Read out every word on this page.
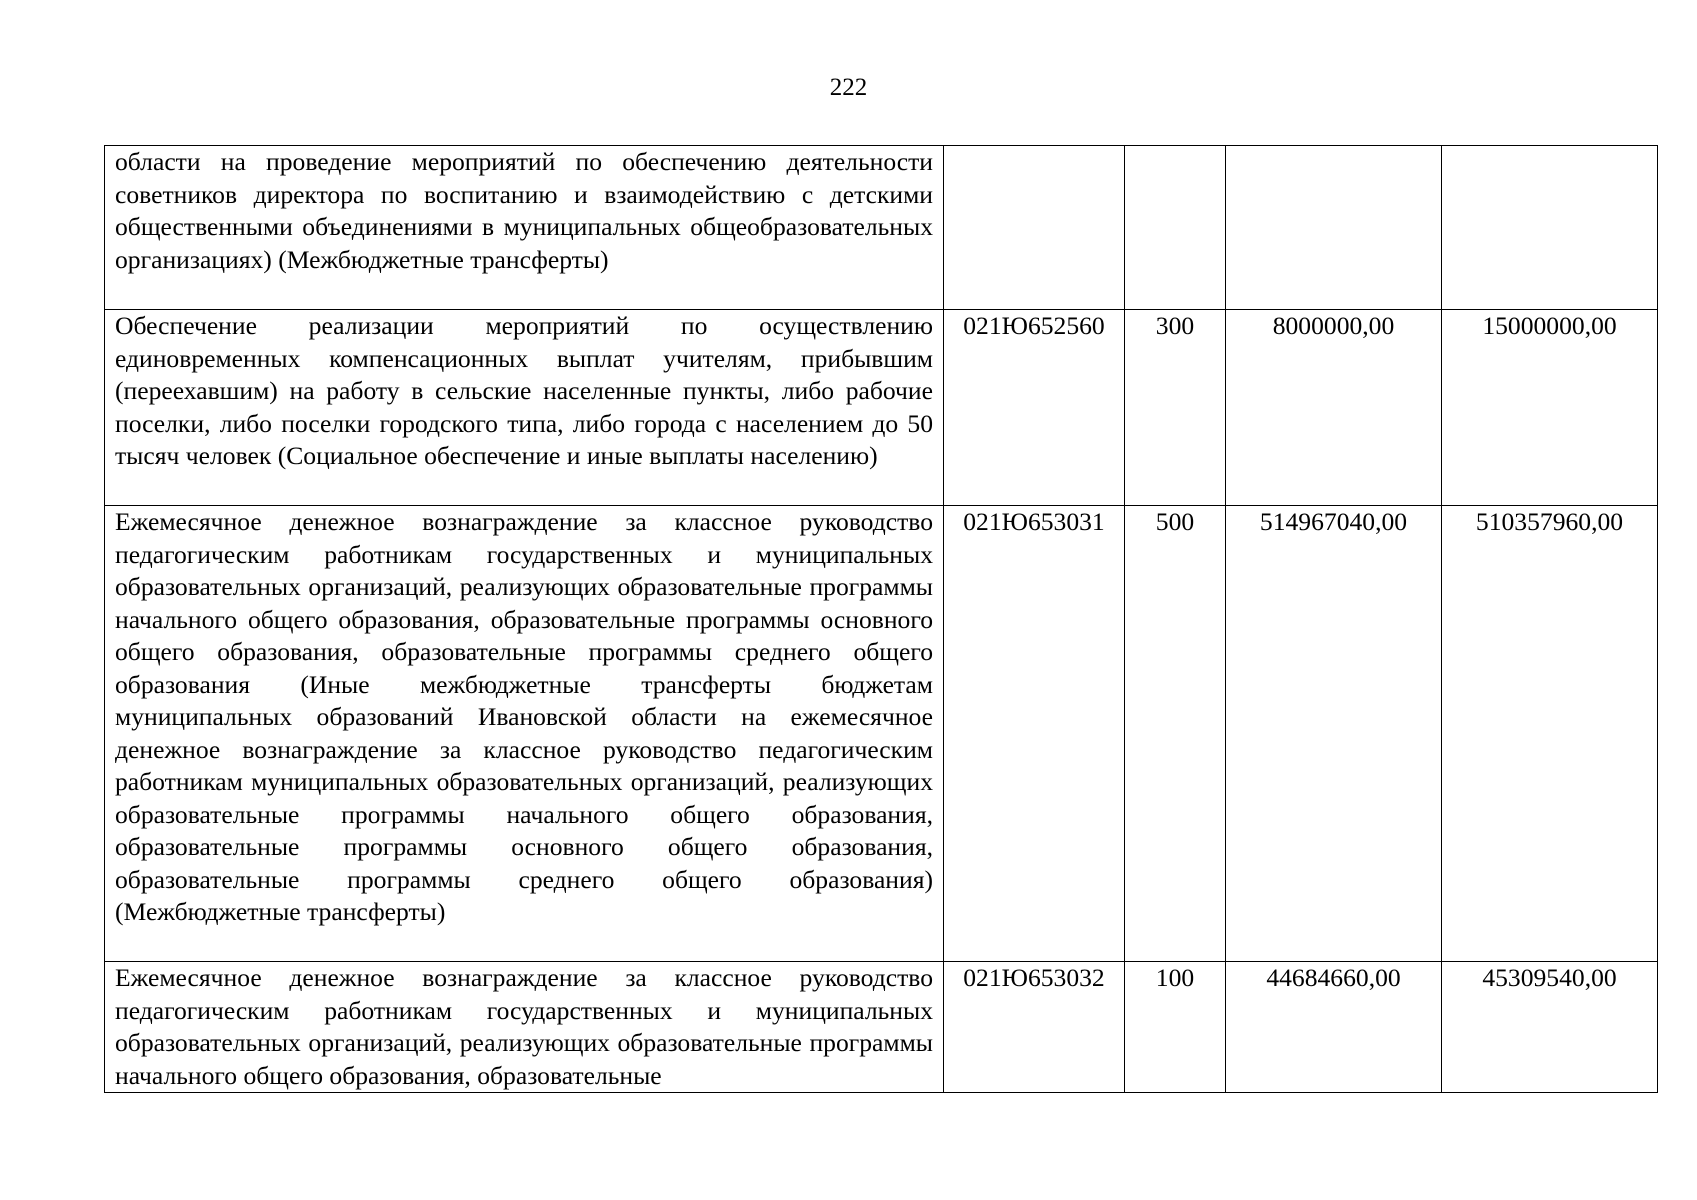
222
области на проведение мероприятий по обеспечению деятельности советников директора по воспитанию и взаимодействию с детскими общественными объединениями в муниципальных общеобразовательных организациях) (Межбюджетные трансферты)				
Обеспечение реализации мероприятий по осуществлению единовременных компенсационных выплат учителям, прибывшим (переехавшим) на работу в сельские населенные пункты, либо рабочие поселки, либо поселки городского типа, либо города с населением до 50 тысяч человек (Социальное обеспечение и иные выплаты населению)	021Ю652560	300	8000000,00	15000000,00
Ежемесячное денежное вознаграждение за классное руководство педагогическим работникам государственных и муниципальных образовательных организаций, реализующих образовательные программы начального общего образования, образовательные программы основного общего образования, образовательные программы среднего общего образования (Иные межбюджетные трансферты бюджетам муниципальных образований Ивановской области на ежемесячное денежное вознаграждение за классное руководство педагогическим работникам муниципальных образовательных организаций, реализующих образовательные программы начального общего образования, образовательные программы основного общего образования, образовательные программы среднего общего образования) (Межбюджетные трансферты)	021Ю653031	500	514967040,00	510357960,00
Ежемесячное денежное вознаграждение за классное руководство педагогическим работникам государственных и муниципальных образовательных организаций, реализующих образовательные программы начального общего образования, образовательные	021Ю653032	100	44684660,00	45309540,00
